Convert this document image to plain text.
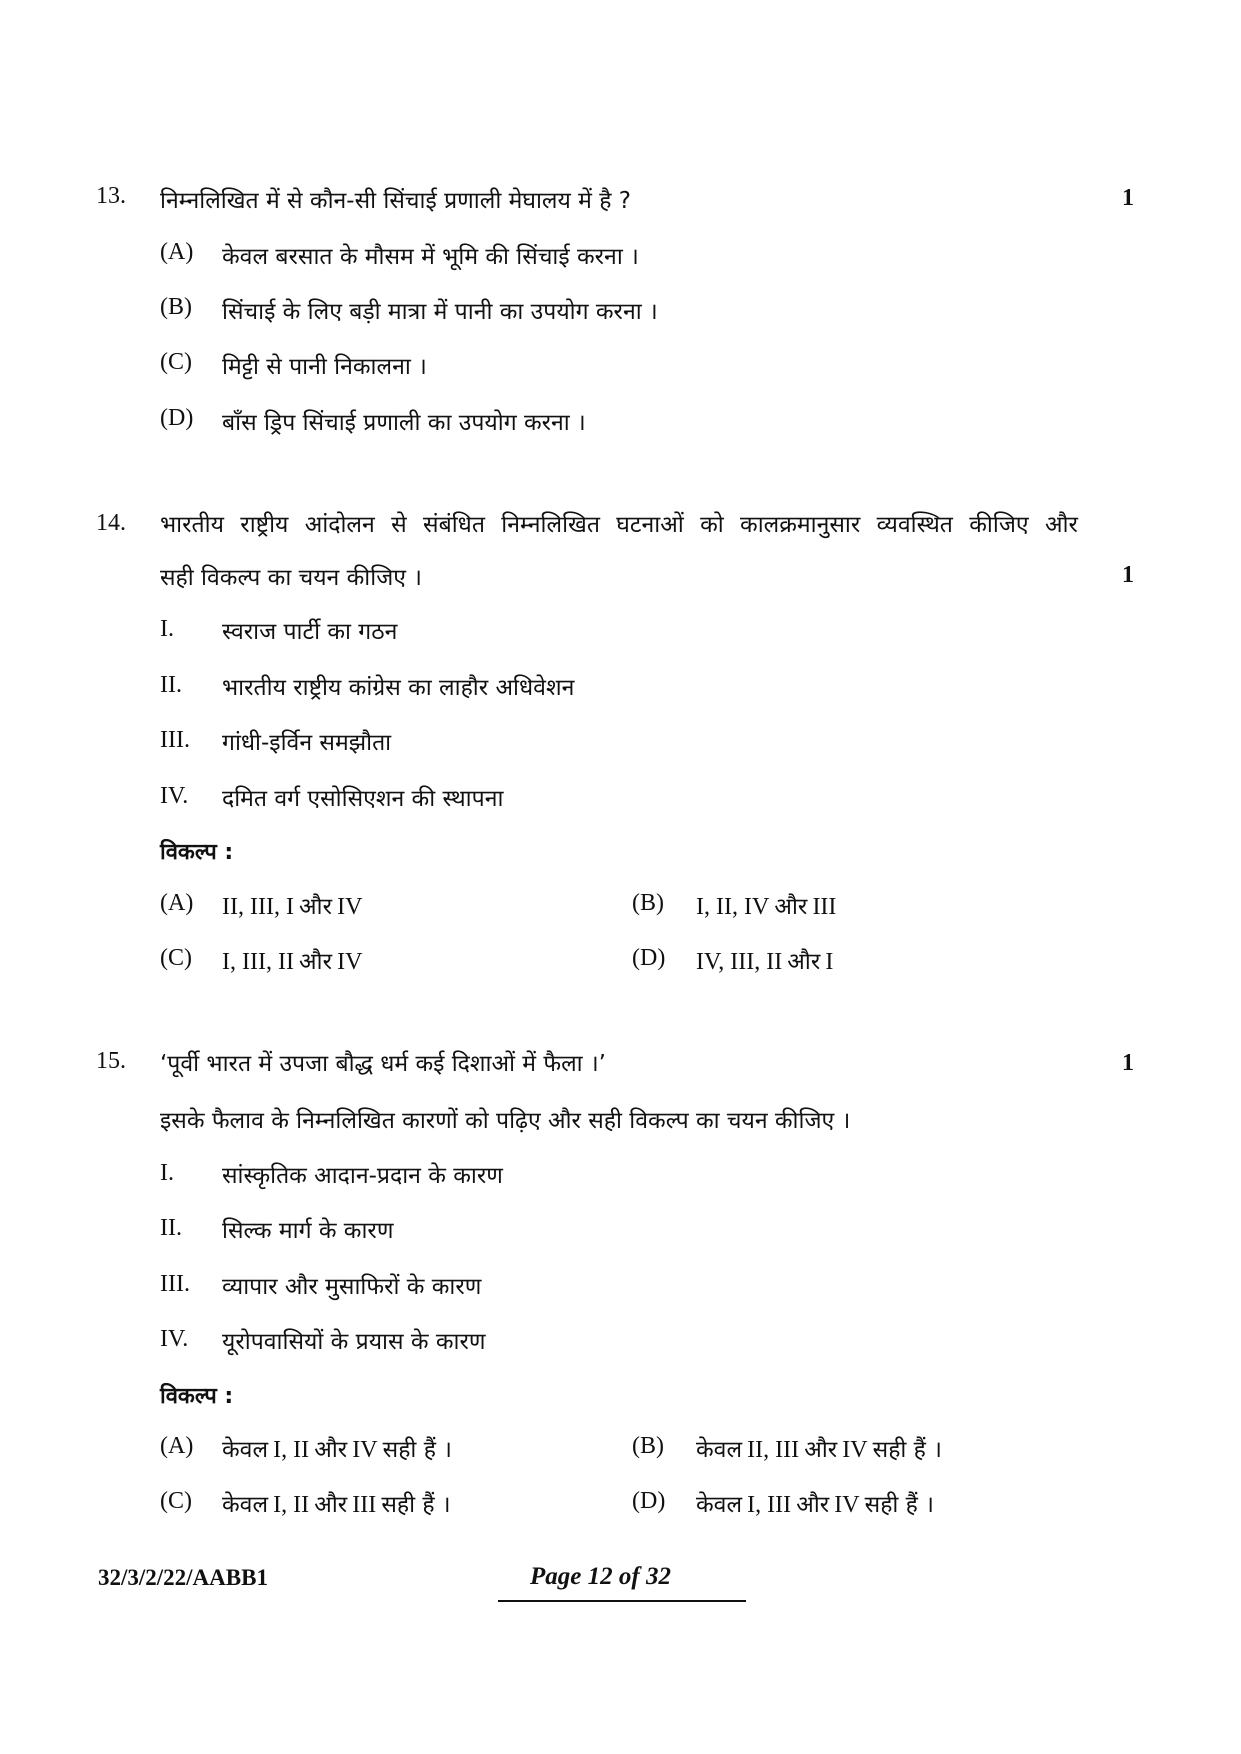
13. निम्नलिखित में से कौन-सी सिंचाई प्रणाली मेघालय में है ?	1
(A) केवल बरसात के मौसम में भूमि की सिंचाई करना ।
(B) सिंचाई के लिए बड़ी मात्रा में पानी का उपयोग करना ।
(C) मिट्टी से पानी निकालना ।
(D) बाँस ड्रिप सिंचाई प्रणाली का उपयोग करना ।
14. भारतीय राष्ट्रीय आंदोलन से संबंधित निम्नलिखित घटनाओं को कालक्रमानुसार व्यवस्थित कीजिए और
सही विकल्प का चयन कीजिए ।	1
I. स्वराज पार्टी का गठन
II. भारतीय राष्ट्रीय कांग्रेस का लाहौर अधिवेशन
III. गांधी-इर्विन समझौता
IV. दमित वर्ग एसोसिएशन की स्थापना
विकल्प :
(A) II, III, I और IV	(B) I, II, IV और III
(C) I, III, II और IV	(D) IV, III, II और I
15. ‘पूर्वी भारत में उपजा बौद्ध धर्म कई दिशाओं में फैला ।’	1
इसके फैलाव के निम्नलिखित कारणों को पढ़िए और सही विकल्प का चयन कीजिए ।
I. सांस्कृतिक आदान-प्रदान के कारण
II. सिल्क मार्ग के कारण
III. व्यापार और मुसाफिरों के कारण
IV. यूरोपवासियों के प्रयास के कारण
विकल्प :
(A) केवल I, II और IV सही हैं ।	(B) केवल II, III और IV सही हैं ।
(C) केवल I, II और III सही हैं ।	(D) केवल I, III और IV सही हैं ।
32/3/2/22/AABB1	Page 12 of 32
